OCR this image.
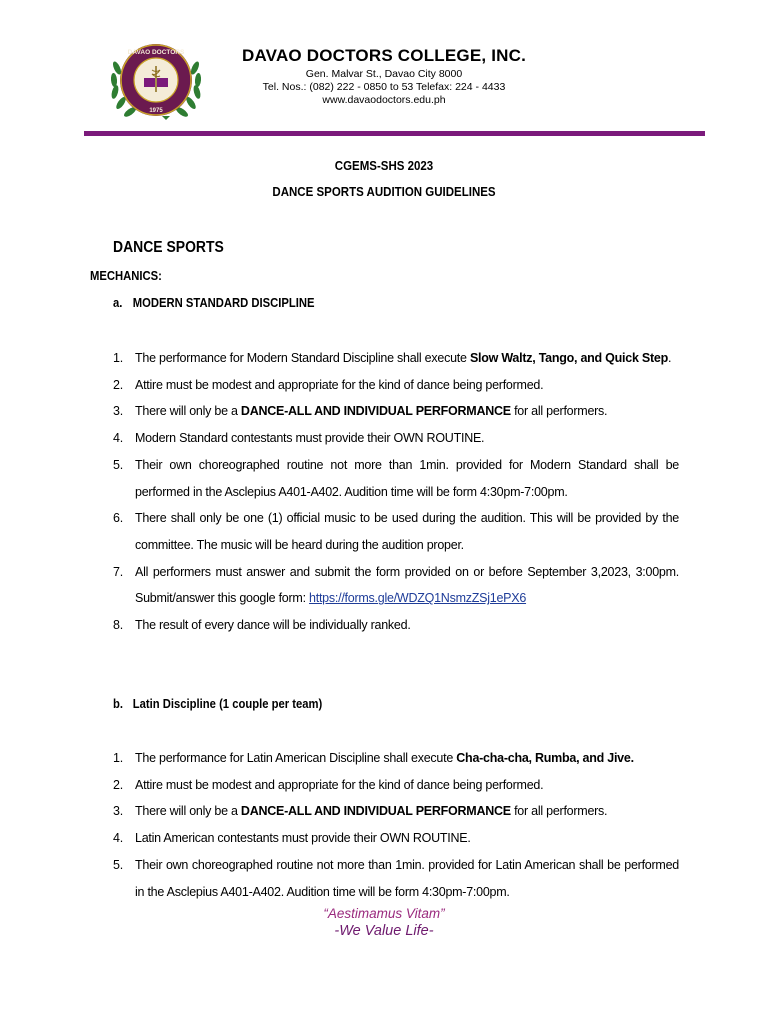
DAVAO DOCTORS
1975
DAVAO DOCTORS COLLEGE, INC.
Gen. Malvar St., Davao City 8000
Tel. Nos.: (082) 222 - 0850 to 53 Telefax: 224 - 4433
www.davaodoctors.edu.ph
CGEMS-SHS 2023
DANCE SPORTS AUDITION GUIDELINES
DANCE SPORTS
MECHANICS:
a. MODERN STANDARD DISCIPLINE
1. The performance for Modern Standard Discipline shall execute Slow Waltz, Tango, and Quick Step.
2. Attire must be modest and appropriate for the kind of dance being performed.
3. There will only be a DANCE-ALL AND INDIVIDUAL PERFORMANCE for all performers.
4. Modern Standard contestants must provide their OWN ROUTINE.
5. Their own choreographed routine not more than 1min. provided for Modern Standard shall be performed in the Asclepius A401-A402. Audition time will be form 4:30pm-7:00pm.
6. There shall only be one (1) official music to be used during the audition. This will be provided by the committee. The music will be heard during the audition proper.
7. All performers must answer and submit the form provided on or before September 3,2023, 3:00pm. Submit/answer this google form: https://forms.gle/WDZQ1NsmzZSj1ePX6
8. The result of every dance will be individually ranked.
b. Latin Discipline (1 couple per team)
1. The performance for Latin American Discipline shall execute Cha-cha-cha, Rumba, and Jive.
2. Attire must be modest and appropriate for the kind of dance being performed.
3. There will only be a DANCE-ALL AND INDIVIDUAL PERFORMANCE for all performers.
4. Latin American contestants must provide their OWN ROUTINE.
5. Their own choreographed routine not more than 1min. provided for Latin American shall be performed in the Asclepius A401-A402. Audition time will be form 4:30pm-7:00pm.
“Aestimamus Vitam”
-We Value Life-
